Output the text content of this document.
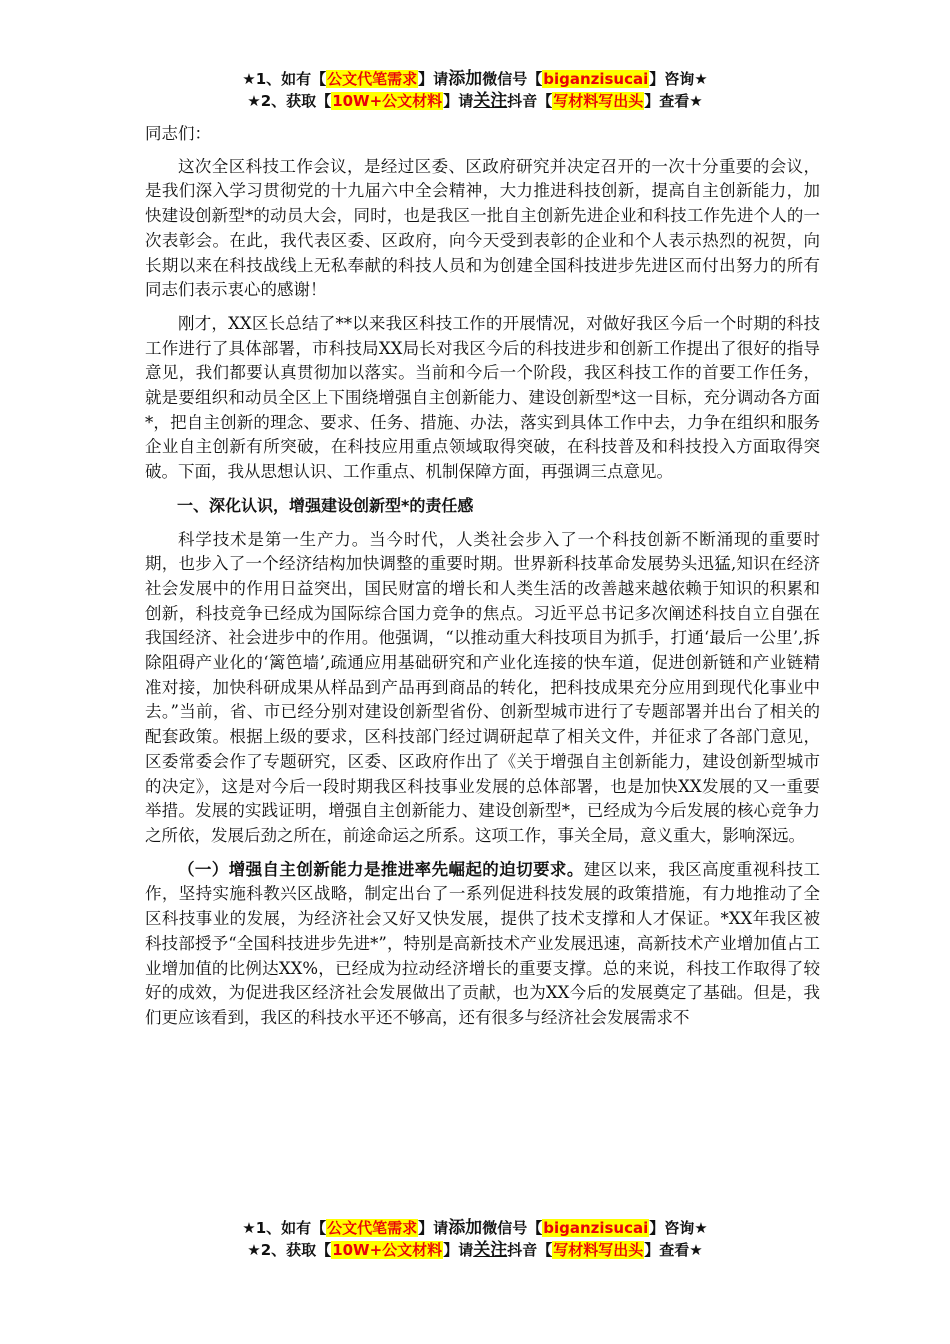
★1、如有【公文代笔需求】请添加微信号【biganzisucai】咨询★
★2、获取【10W+公文材料】请关注抖音【写材料写出头】查看★

同志们：

这次全区科技工作会议，是经过区委、区政府研究并决定召开的一次十分重要的会议，是我们深入学习贯彻党的十九届六中全会精神，大力推进科技创新，提高自主创新能力，加快建设创新型*的动员大会，同时，也是我区一批自主创新先进企业和科技工作先进个人的一次表彰会。在此，我代表区委、区政府，向今天受到表彰的企业和个人表示热烈的祝贺，向长期以来在科技战线上无私奉献的科技人员和为创建全国科技进步先进区而付出努力的所有同志们表示衷心的感谢！

刚才，XX区长总结了**以来我区科技工作的开展情况，对做好我区今后一个时期的科技工作进行了具体部署，市科技局XX局长对我区今后的科技进步和创新工作提出了很好的指导意见，我们都要认真贯彻加以落实。当前和今后一个阶段，我区科技工作的首要工作任务，就是要组织和动员全区上下围绕增强自主创新能力、建设创新型*这一目标，充分调动各方面*，把自主创新的理念、要求、任务、措施、办法，落实到具体工作中去，力争在组织和服务企业自主创新有所突破，在科技应用重点领域取得突破，在科技普及和科技投入方面取得突破。下面，我从思想认识、工作重点、机制保障方面，再强调三点意见。

一、深化认识，增强建设创新型*的责任感

科学技术是第一生产力。当今时代，人类社会步入了一个科技创新不断涌现的重要时期，也步入了一个经济结构加快调整的重要时期。世界新科技革命发展势头迅猛,知识在经济社会发展中的作用日益突出，国民财富的增长和人类生活的改善越来越依赖于知识的积累和创新，科技竞争已经成为国际综合国力竞争的焦点。习近平总书记多次阐述科技自立自强在我国经济、社会进步中的作用。他强调，“以推动重大科技项目为抓手，打通‘最后一公里’,拆除阻碍产业化的‘篱笆墙’,疏通应用基础研究和产业化连接的快车道，促进创新链和产业链精准对接，加快科研成果从样品到产品再到商品的转化，把科技成果充分应用到现代化事业中去。”当前，省、市已经分别对建设创新型省份、创新型城市进行了专题部署并出台了相关的配套政策。根据上级的要求，区科技部门经过调研起草了相关文件，并征求了各部门意见，区委常委会作了专题研究，区委、区政府作出了《关于增强自主创新能力，建设创新型城市的决定》，这是对今后一段时期我区科技事业发展的总体部署，也是加快XX发展的又一重要举措。发展的实践证明，增强自主创新能力、建设创新型*，已经成为今后发展的核心竞争力之所依，发展后劲之所在，前途命运之所系。这项工作，事关全局，意义重大，影响深远。

（一）增强自主创新能力是推进率先崛起的迫切要求。建区以来，我区高度重视科技工作，坚持实施科教兴区战略，制定出台了一系列促进科技发展的政策措施，有力地推动了全区科技事业的发展，为经济社会又好又快发展，提供了技术支撑和人才保证。*XX年我区被科技部授予“全国科技进步先进*”，特别是高新技术产业发展迅速，高新技术产业增加值占工业增加值的比例达XX%，已经成为拉动经济增长的重要支撑。总的来说，科技工作取得了较好的成效，为促进我区经济社会发展做出了贡献，也为XX今后的发展奠定了基础。但是，我们更应该看到，我区的科技水平还不够高，还有很多与经济社会发展需求不

★1、如有【公文代笔需求】请添加微信号【biganzisucai】咨询★
★2、获取【10W+公文材料】请关注抖音【写材料写出头】查看★
